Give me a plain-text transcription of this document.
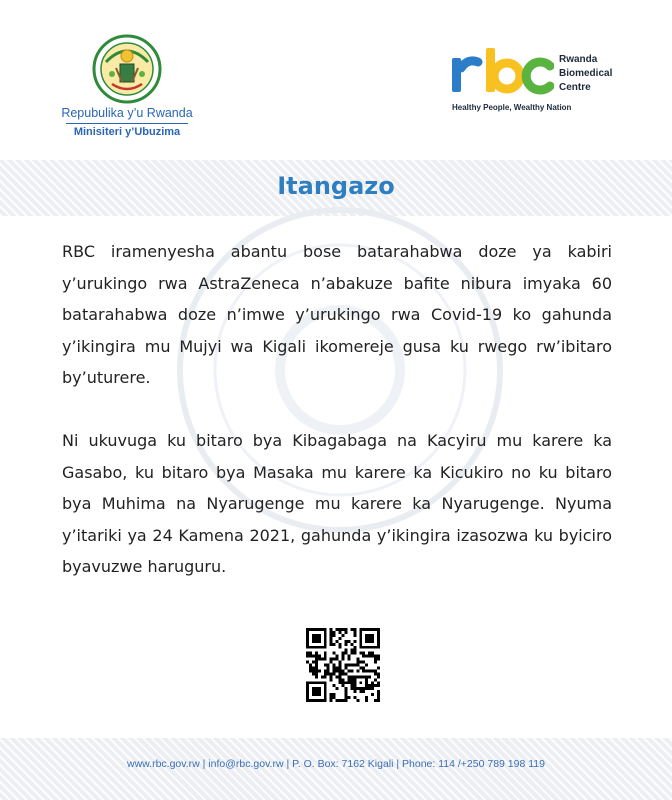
Repubulika y’u Rwanda
Minisiteri y’Ubuzima
Rwanda
Biomedical
Centre
Healthy People, Wealthy Nation
Itangazo

RBC iramenyesha abantu bose batarahabwa doze ya kabiri y’urukingo rwa AstraZeneca n’abakuze bafite nibura imyaka 60 batarahabwa doze n’imwe y’urukingo rwa Covid-19 ko gahunda y’ikingira mu Mujyi wa Kigali ikomereje gusa ku rwego rw’ibitaro by’uturere.

Ni ukuvuga ku bitaro bya Kibagabaga na Kacyiru mu karere ka Gasabo, ku bitaro bya Masaka mu karere ka Kicukiro no ku bitaro bya Muhima na Nyarugenge mu karere ka Nyarugenge. Nyuma y’itariki ya 24 Kamena 2021, gahunda y’ikingira izasozwa ku byiciro byavuzwe haruguru.

www.rbc.gov.rw | info@rbc.gov.rw | P. O. Box: 7162 Kigali | Phone: 114 /+250 789 198 119
